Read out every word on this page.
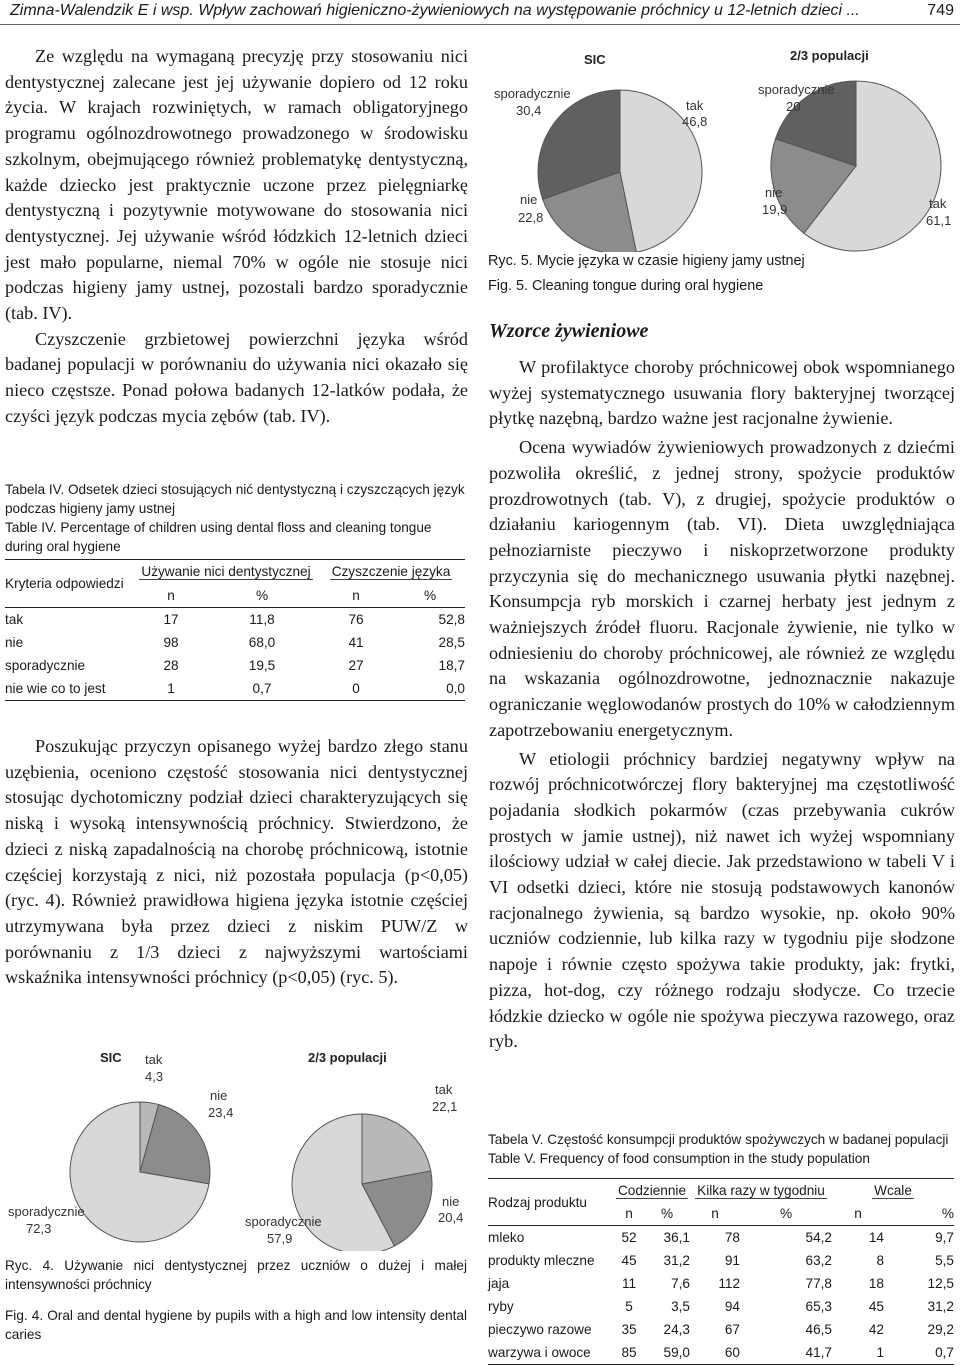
Zimna-Walendzik E i wsp. Wpływ zachowań higieniczno-żywieniowych na występowanie próchnicy u 12-letnich dzieci ...	749

Ze względu na wymaganą precyzję przy stosowaniu nici dentystycznej zalecane jest jej używanie dopiero od 12 roku życia. W krajach rozwiniętych, w ramach obligatoryjnego programu ogólnozdrowotnego prowadzonego w środowisku szkolnym, obejmującego również problematykę dentystyczną, każde dziecko jest praktycznie uczone przez pielęgniarkę dentystyczną i pozytywnie motywowane do stosowania nici dentystycznej. Jej używanie wśród łódzkich 12-letnich dzieci jest mało popularne, niemal 70% w ogóle nie stosuje nici podczas higieny jamy ustnej, pozostali bardzo sporadycznie (tab. IV).

Czyszczenie grzbietowej powierzchni języka wśród badanej populacji w porównaniu do używania nici okazało się nieco częstsze. Ponad połowa badanych 12-latków podała, że czyści język podczas mycia zębów (tab. IV).

Tabela IV. Odsetek dzieci stosujących nić dentystyczną i czyszczących język podczas higieny jamy ustnej

Table IV. Percentage of children using dental floss and cleaning tongue during oral hygiene

Kryteria odpowiedzi	Używanie nici dentystycznej		Czyszczenie języka	
	n	%	n	%

tak	17	11,8	76	52,8
nie	98	68,0	41	28,5
sporadycznie	28	19,5	27	18,7
nie wie co to jest	1	0,7	0	0,0

Poszukując przyczyn opisanego wyżej bardzo złego stanu uzębienia, oceniono częstość stosowania nici dentystycznej stosując dychotomiczny podział dzieci charakteryzujących się niską i wysoką intensywnością próchnicy. Stwierdzono, że dzieci z niską zapadalnością na chorobę próchnicową, istotnie częściej korzystają z nici, niż pozostała populacja (p<0,05) (ryc. 4). Również prawidłowa higiena języka istotnie częściej utrzymywana była przez dzieci z niskim PUW/Z w porównaniu z 1/3 dzieci z najwyższymi wartościami wskaźnika intensywności próchnicy (p<0,05) (ryc. 5).

SIC tak
4,3
nie
23,4
sporadycznie
72,3
2/3 populacji
tak
22,1
nie
20,4
sporadycznie
57,9

Ryc. 4. Używanie nici dentystycznej przez uczniów o dużej i małej intensywności próchnicy

Fig. 4. Oral and dental hygiene by pupils with a high and low intensity dental caries

SIC
tak
46,8
nie
22,8
sporadycznie
30,4
2/3 populacji
tak
61,1
nie
19,9
sporadycznie
20

Ryc. 5. Mycie języka w czasie higieny jamy ustnej

Fig. 5. Cleaning tongue during oral hygiene

Wzorce żywieniowe

W profilaktyce choroby próchnicowej obok wspomnianego wyżej systematycznego usuwania flory bakteryjnej tworzącej płytkę nazębną, bardzo ważne jest racjonalne żywienie.

Ocena wywiadów żywieniowych prowadzonych z dziećmi pozwoliła określić, z jednej strony, spożycie produktów prozdrowotnych (tab. V), z drugiej, spożycie produktów o działaniu kariogennym (tab. VI). Dieta uwzględniająca pełnoziarniste pieczywo i niskoprzetworzone produkty przyczynia się do mechanicznego usuwania płytki nazębnej. Konsumpcja ryb morskich i czarnej herbaty jest jednym z ważniejszych źródeł fluoru. Racjonale żywienie, nie tylko w odniesieniu do choroby próchnicowej, ale również ze względu na wskazania ogólnozdrowotne, jednoznacznie nakazuje ograniczanie węglowodanów prostych do 10% w całodziennym zapotrzebowaniu energetycznym.

W etiologii próchnicy bardziej negatywny wpływ na rozwój próchnicotwórczej flory bakteryjnej ma częstotliwość pojadania słodkich pokarmów (czas przebywania cukrów prostych w jamie ustnej), niż nawet ich wyżej wspomniany ilościowy udział w całej diecie. Jak przedstawiono w tabeli V i VI odsetki dzieci, które nie stosują podstawowych kanonów racjonalnego żywienia, są bardzo wysokie, np. około 90% uczniów codziennie, lub kilka razy w tygodniu pije słodzone napoje i równie często spożywa takie produkty, jak: frytki, pizza, hot-dog, czy różnego rodzaju słodycze. Co trzecie łódzkie dziecko w ogóle nie spożywa pieczywa razowego, oraz ryb.

Tabela V. Częstość konsumpcji produktów spożywczych w badanej populacji

Table V. Frequency of food consumption in the study population

Rodzaj produktu	Codziennie		Kilka razy w tygodniu		Wcale	
	n	%	n	%	n	%

mleko	52	36,1	78	54,2	14	9,7
produkty mleczne	45	31,2	91	63,2	8	5,5
jaja	11	7,6	112	77,8	18	12,5
ryby	5	3,5	94	65,3	45	31,2
pieczywo razowe	35	24,3	67	46,5	42	29,2
warzywa i owoce	85	59,0	60	41,7	1	0,7
